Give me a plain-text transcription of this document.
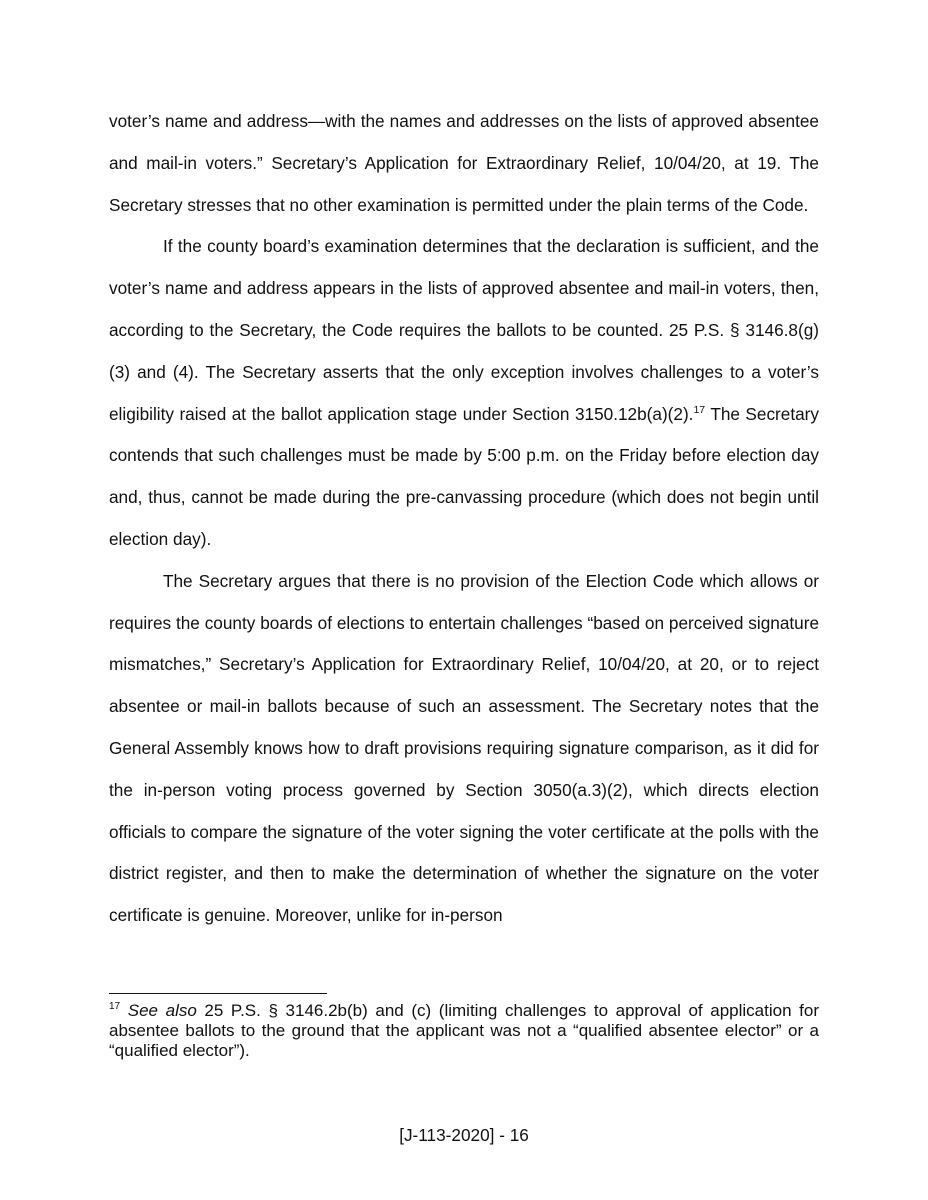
voter’s name and address—with the names and addresses on the lists of approved absentee and mail-in voters.” Secretary’s Application for Extraordinary Relief, 10/04/20, at 19. The Secretary stresses that no other examination is permitted under the plain terms of the Code.

If the county board’s examination determines that the declaration is sufficient, and the voter’s name and address appears in the lists of approved absentee and mail-in voters, then, according to the Secretary, the Code requires the ballots to be counted. 25 P.S. § 3146.8(g)(3) and (4). The Secretary asserts that the only exception involves challenges to a voter’s eligibility raised at the ballot application stage under Section 3150.12b(a)(2).$^{17}$ The Secretary contends that such challenges must be made by 5:00 p.m. on the Friday before election day and, thus, cannot be made during the pre-canvassing procedure (which does not begin until election day).

The Secretary argues that there is no provision of the Election Code which allows or requires the county boards of elections to entertain challenges “based on perceived signature mismatches,” Secretary’s Application for Extraordinary Relief, 10/04/20, at 20, or to reject absentee or mail-in ballots because of such an assessment. The Secretary notes that the General Assembly knows how to draft provisions requiring signature comparison, as it did for the in-person voting process governed by Section 3050(a.3)(2), which directs election officials to compare the signature of the voter signing the voter certificate at the polls with the district register, and then to make the determination of whether the signature on the voter certificate is genuine. Moreover, unlike for in-person

$^{17}$ See also 25 P.S. § 3146.2b(b) and (c) (limiting challenges to approval of application for absentee ballots to the ground that the applicant was not a “qualified absentee elector” or a “qualified elector”).

[J-113-2020] - 16
